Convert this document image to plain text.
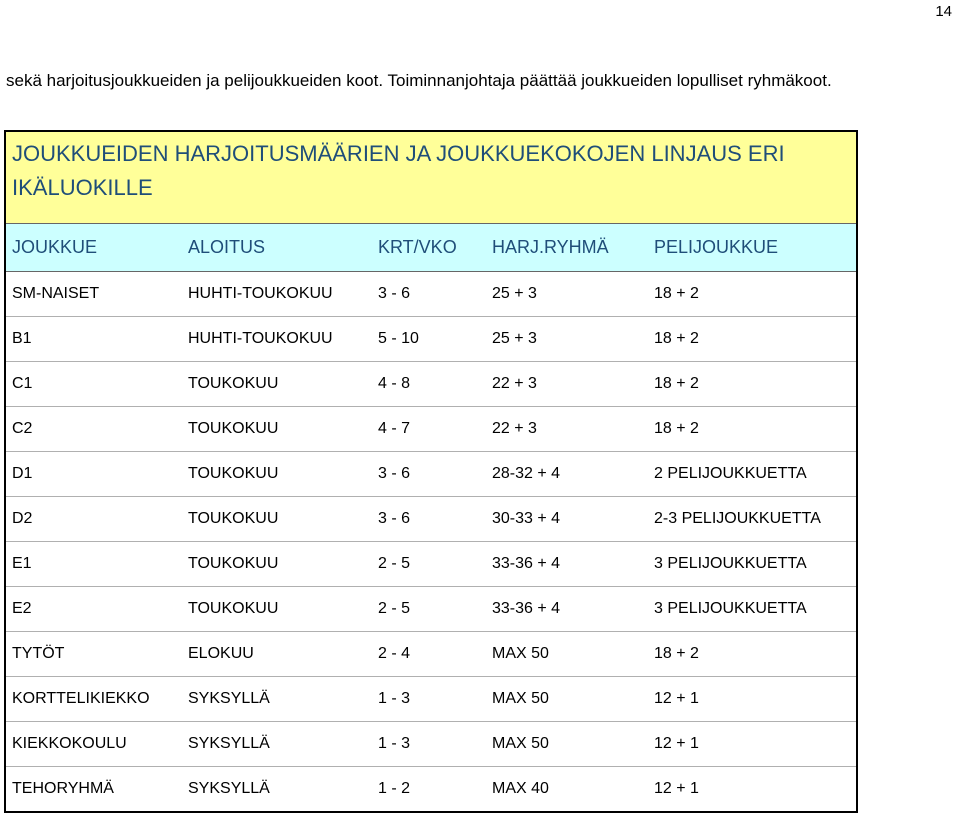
14

sekä harjoitusjoukkueiden ja pelijoukkueiden koot. Toiminnanjohtaja päättää joukkueiden lopulliset ryhmäkoot.

JOUKKUEIDEN HARJOITUSMÄÄRIEN JA JOUKKUEKOKOJEN LINJAUS ERI IKÄLUOKILLE
JOUKKUE	ALOITUS	KRT/VKO	HARJ.RYHMÄ	PELIJOUKKUE
SM-NAISET	HUHTI-TOUKOKUU	3 - 6	25 + 3	18 + 2
B1	HUHTI-TOUKOKUU	5 - 10	25 + 3	18 + 2
C1	TOUKOKUU	4 - 8	22 + 3	18 + 2
C2	TOUKOKUU	4 - 7	22 + 3	18 + 2
D1	TOUKOKUU	3 - 6	28-32 + 4	2 PELIJOUKKUETTA
D2	TOUKOKUU	3 - 6	30-33 + 4	2-3 PELIJOUKKUETTA
E1	TOUKOKUU	2 - 5	33-36 + 4	3 PELIJOUKKUETTA
E2	TOUKOKUU	2 - 5	33-36 + 4	3 PELIJOUKKUETTA
TYTÖT	ELOKUU	2 - 4	MAX 50	18 + 2
KORTTELIKIEKKO	SYKSYLLÄ	1 - 3	MAX 50	12 + 1
KIEKKOKOULU	SYKSYLLÄ	1 - 3	MAX 50	12 + 1
TEHORYHMÄ	SYKSYLLÄ	1 - 2	MAX 40	12 + 1
